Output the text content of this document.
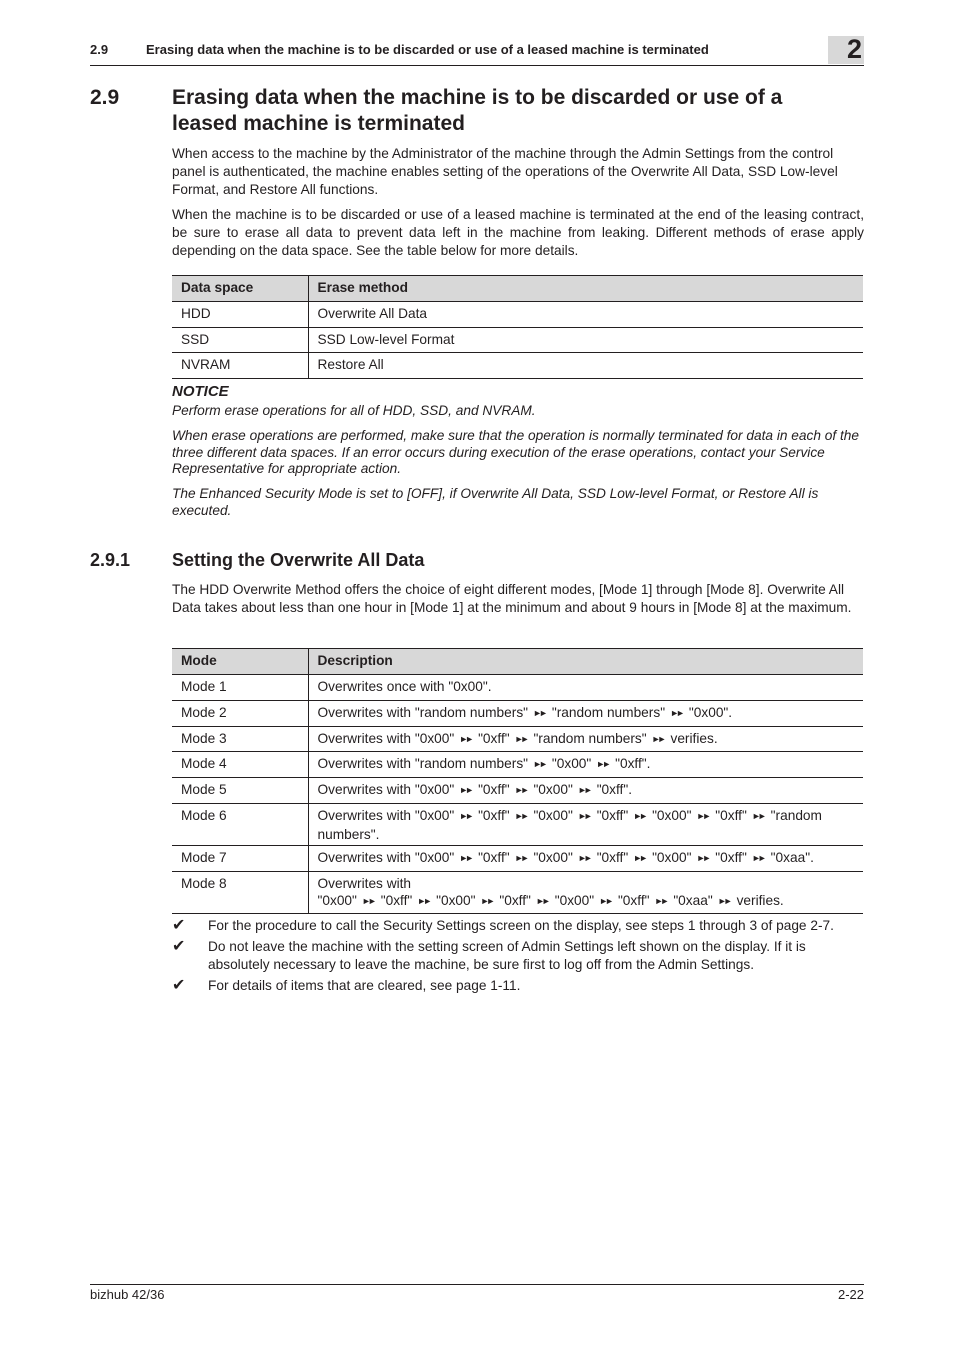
2.9	Erasing data when the machine is to be discarded or use of a leased machine is terminated	2
2.9	Erasing data when the machine is to be discarded or use of a
leased machine is terminated

When access to the machine by the Administrator of the machine through the Admin Settings from the control panel is authenticated, the machine enables setting of the operations of the Overwrite All Data, SSD Low-level Format, and Restore All functions.

When the machine is to be discarded or use of a leased machine is terminated at the end of the leasing contract, be sure to erase all data to prevent data left in the machine from leaking. Different methods of erase apply depending on the data space. See the table below for more details.

Data space	Erase method
HDD	Overwrite All Data
SSD	SSD Low-level Format
NVRAM	Restore All
NOTICE

Perform erase operations for all of HDD, SSD, and NVRAM.

When erase operations are performed, make sure that the operation is normally terminated for data in each of the three different data spaces. If an error occurs during execution of the erase operations, contact your Service Representative for appropriate action.

The Enhanced Security Mode is set to [OFF], if Overwrite All Data, SSD Low-level Format, or Restore All is executed.

2.9.1 Setting the Overwrite All Data

The HDD Overwrite Method offers the choice of eight different modes, [Mode 1] through [Mode 8]. Overwrite All Data takes about less than one hour in [Mode 1] at the minimum and about 9 hours in [Mode 8] at the maximum.

Mode	Description
Mode 1	Overwrites once with "0x00".
Mode 2	Overwrites with "random numbers" ►► "random numbers" ►► "0x00".
Mode 3	Overwrites with "0x00" ►► "0xff" ►► "random numbers" ►► verifies.
Mode 4	Overwrites with "random numbers" ►► "0x00" ►► "0xff".
Mode 5	Overwrites with "0x00" ►► "0xff" ►► "0x00" ►► "0xff".
Mode 6	Overwrites with "0x00" ►► "0xff" ►► "0x00" ►► "0xff" ►► "0x00" ►► "0xff" ►► "random numbers".
Mode 7	Overwrites with "0x00" ►► "0xff" ►► "0x00" ►► "0xff" ►► "0x00" ►► "0xff" ►► "0xaa".
Mode 8	Overwrites with "0x00" ►► "0xff" ►► "0x00" ►► "0xff" ►► "0x00" ►► "0xff" ►► "0xaa" ►► verifies.
✔ For the procedure to call the Security Settings screen on the display, see steps 1 through 3 of page 2-7.
✔ Do not leave the machine with the setting screen of Admin Settings left shown on the display. If it is absolutely necessary to leave the machine, be sure first to log off from the Admin Settings.
✔ For details of items that are cleared, see page 1-11.
bizhub 42/36	2-22
